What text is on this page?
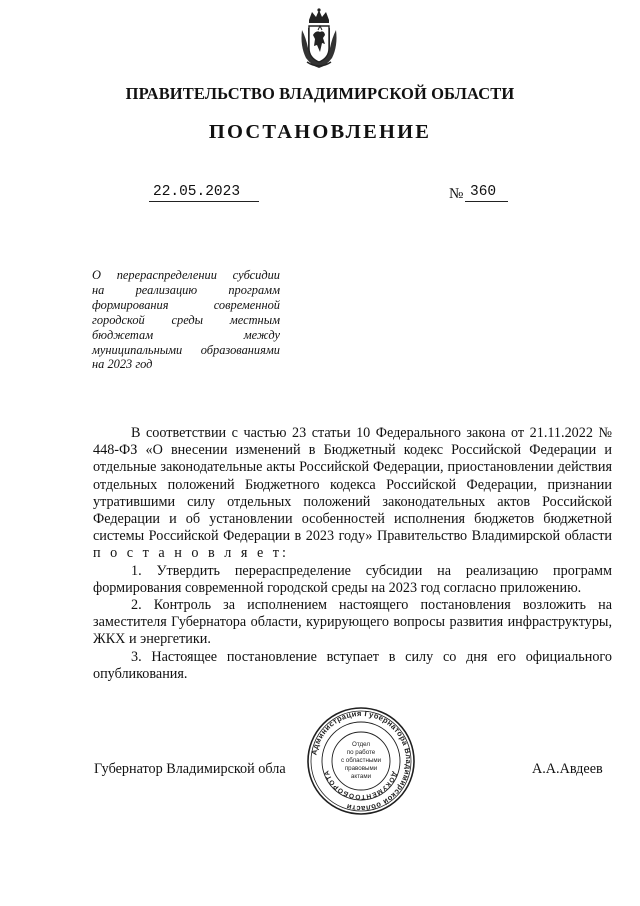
ПРАВИТЕЛЬСТВО ВЛАДИМИРСКОЙ ОБЛАСТИ
ПОСТАНОВЛЕНИЕ
22.05.2023	№ 360
О перераспределении субсидии
на реализацию программ
формирования современной
городской среды местным
бюджетам между
муниципальными образованиями
на 2023 год

В соответствии с частью 23 статьи 10 Федерального закона от 21.11.2022 № 448-ФЗ «О внесении изменений в Бюджетный кодекс Российской Федерации и отдельные законодательные акты Российской Федерации, приостановлении действия отдельных положений Бюджетного кодекса Российской Федерации, признании утратившими силу отдельных положений законодательных актов Российской Федерации и об установлении особенностей исполнения бюджетов бюджетной системы Российской Федерации в 2023 году» Правительство Владимирской области п о с т а н о в л я е т:

1. Утвердить перераспределение субсидии на реализацию программ формирования современной городской среды на 2023 год согласно приложению.

2. Контроль за исполнением настоящего постановления возложить на заместителя Губернатора области, курирующего вопросы развития инфраструктуры, ЖКХ и энергетики.

3. Настоящее постановление вступает в силу со дня его официального опубликования.

Губернатор Владимирской обла	А.А.Авдеев
Администрация Губернатора Владимирской области
ДОКУМЕНТООБОРОТА
Отдел
по работе
с областными
правовыми
актами
